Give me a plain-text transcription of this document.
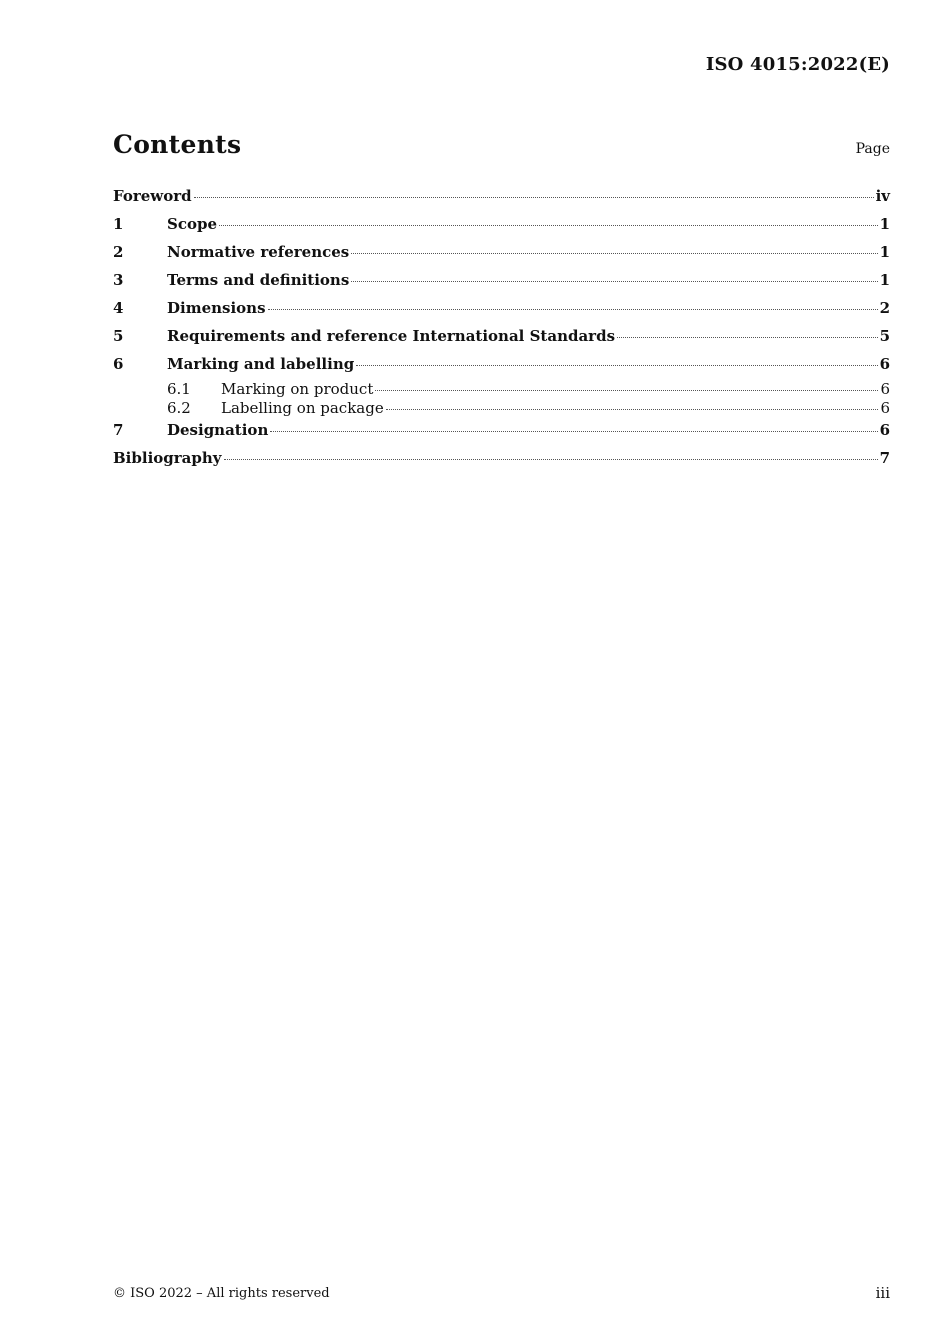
ISO 4015:2022(E)
Contents	Page
Foreword	iv
1	Scope	1
2	Normative references	1
3	Terms and definitions	1
4	Dimensions	2
5	Requirements and reference International Standards	5
6	Marking and labelling	6
6.1	Marking on product	6
6.2	Labelling on package	6
7	Designation	6
Bibliography	7
© ISO 2022 – All rights reserved	iii
